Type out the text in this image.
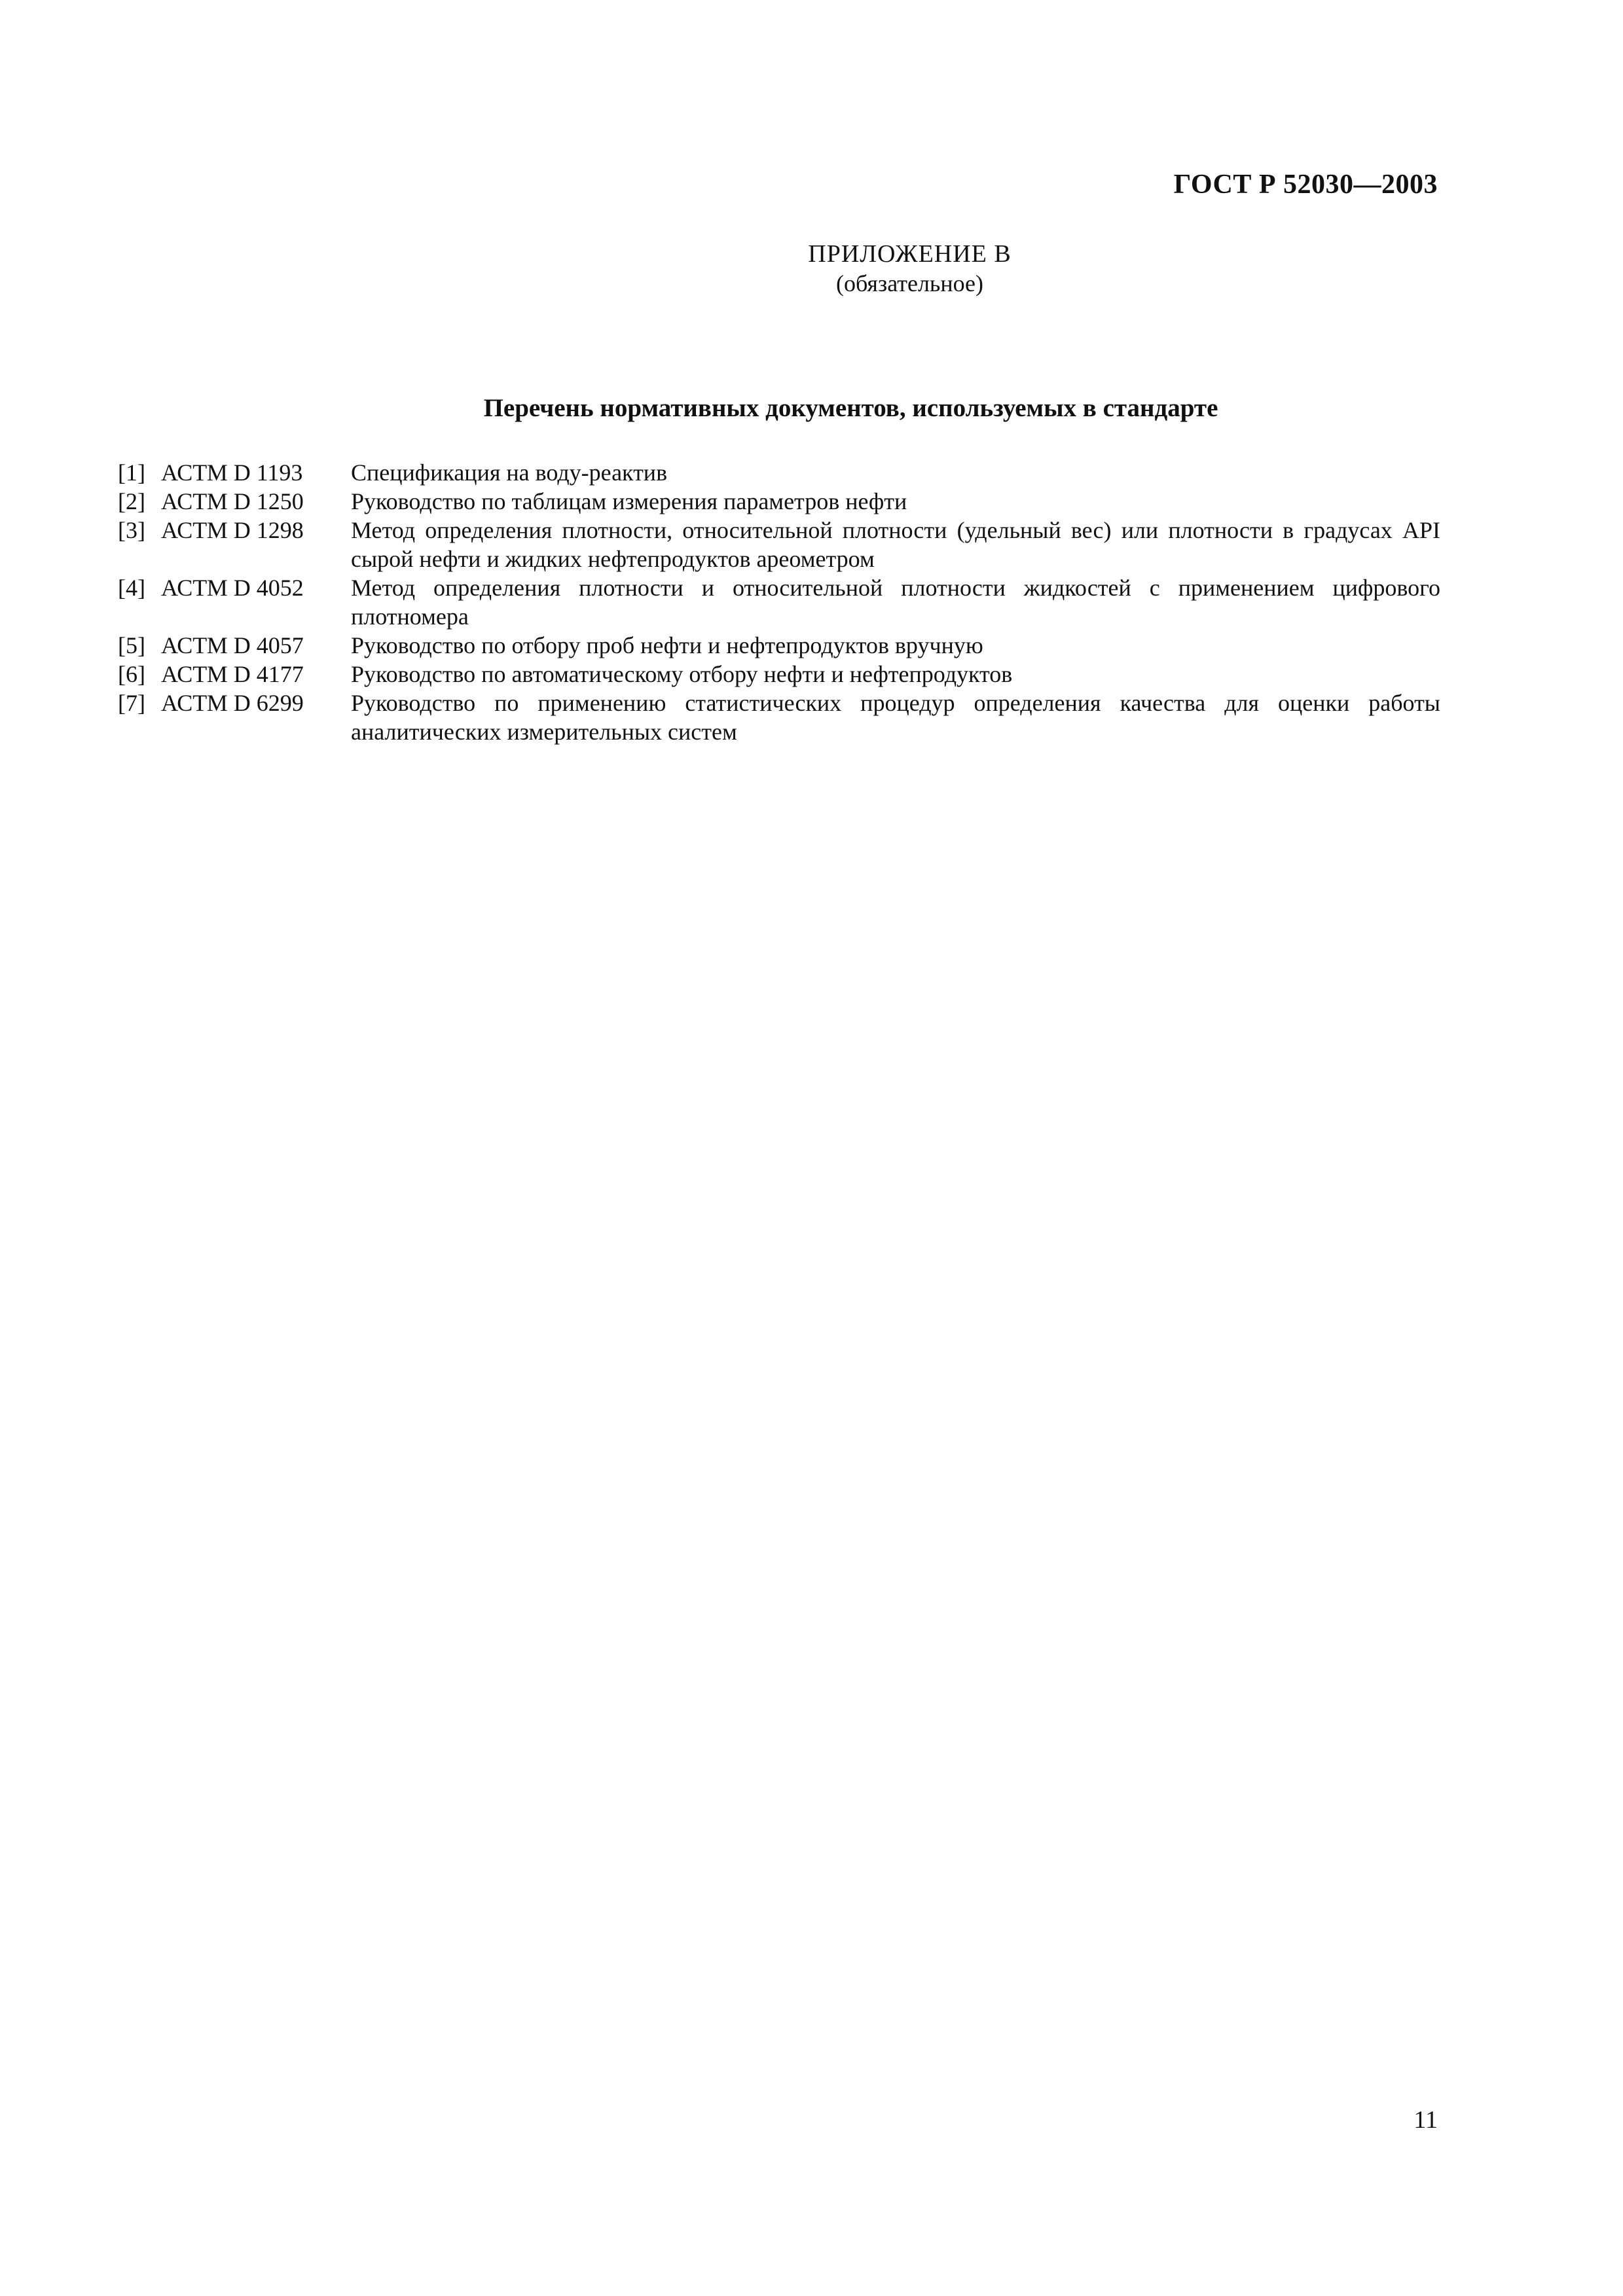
ГОСТ Р 52030—2003
ПРИЛОЖЕНИЕ В
(обязательное)
Перечень нормативных документов, используемых в стандарте
[1] АСТМ D 1193	Спецификация на воду-реактив
[2] АСТМ D 1250	Руководство по таблицам измерения параметров нефти
[3] АСТМ D 1298	Метод определения плотности, относительной плотности (удельный вес) или плотности в градусах API сырой нефти и жидких нефтепродуктов ареометром
[4] АСТМ D 4052	Метод определения плотности и относительной плотности жидкостей с применением цифрового плотномера
[5] АСТМ D 4057	Руководство по отбору проб нефти и нефтепродуктов вручную
[6] АСТМ D 4177	Руководство по автоматическому отбору нефти и нефтепродуктов
[7] АСТМ D 6299	Руководство по применению статистических процедур определения качества для оценки работы аналитических измерительных систем
11
